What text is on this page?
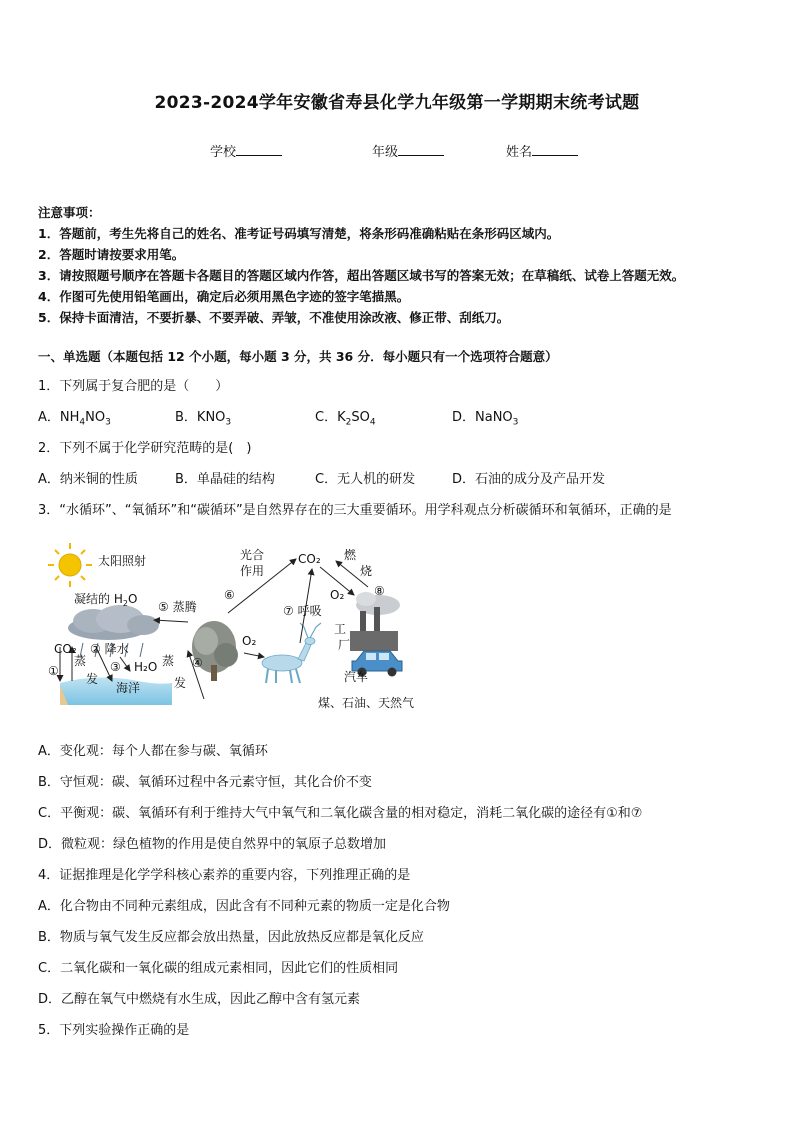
2023-2024学年安徽省寿县化学九年级第一学期期末统考试题
学校	年级	姓名
注意事项：
1．答题前，考生先将自己的姓名、准考证号码填写清楚，将条形码准确粘贴在条形码区域内。
2．答题时请按要求用笔。
3．请按照题号顺序在答题卡各题目的答题区域内作答，超出答题区域书写的答案无效；在草稿纸、试卷上答题无效。
4．作图可先使用铅笔画出，确定后必须用黑色字迹的签字笔描黑。
5．保持卡面清洁，不要折暴、不要弄破、弄皱，不准使用涂改液、修正带、刮纸刀。
一、单选题（本题包括 12 个小题，每小题 3 分，共 36 分．每小题只有一个选项符合题意）
1．下列属于复合肥的是（　　）
A．$NH_4NO_3$	B．$KNO_3$	C．$K_2SO_4$	D．NaNO$_3$
2．下列不属于化学研究范畴的是(　)
A．纳米铜的性质	B．单晶硅的结构	C．无人机的研发	D．石油的成分及产品开发
3．“水循环”、“氧循环”和“碳循环”是自然界存在的三大重要循环。用学科观点分析碳循环和氧循环，正确的是
太阳照射
凝结的 $H_2O$
⑤ 蒸腾
光合
作用
CO₂ 燃
烧
⑥
⑦ 呼吸
O₂ ⑧
CO₂ ② 降水
O₂
工
厂
①
蒸
发
③ H₂O 蒸
发
④
海洋
汽车
煤、石油、天然气
A．变化观：每个人都在参与碳、氧循环
B．守恒观：碳、氧循环过程中各元素守恒，其化合价不变
C．平衡观：碳、氧循环有利于维持大气中氧气和二氧化碳含量的相对稳定，消耗二氧化碳的途径有①和⑦
D．微粒观：绿色植物的作用是使自然界中的氧原子总数增加
4．证据推理是化学学科核心素养的重要内容，下列推理正确的是
A．化合物由不同种元素组成，因此含有不同种元素的物质一定是化合物
B．物质与氧气发生反应都会放出热量，因此放热反应都是氧化反应
C．二氧化碳和一氧化碳的组成元素相同，因此它们的性质相同
D．乙醇在氧气中燃烧有水生成，因此乙醇中含有氢元素
5．下列实验操作正确的是
